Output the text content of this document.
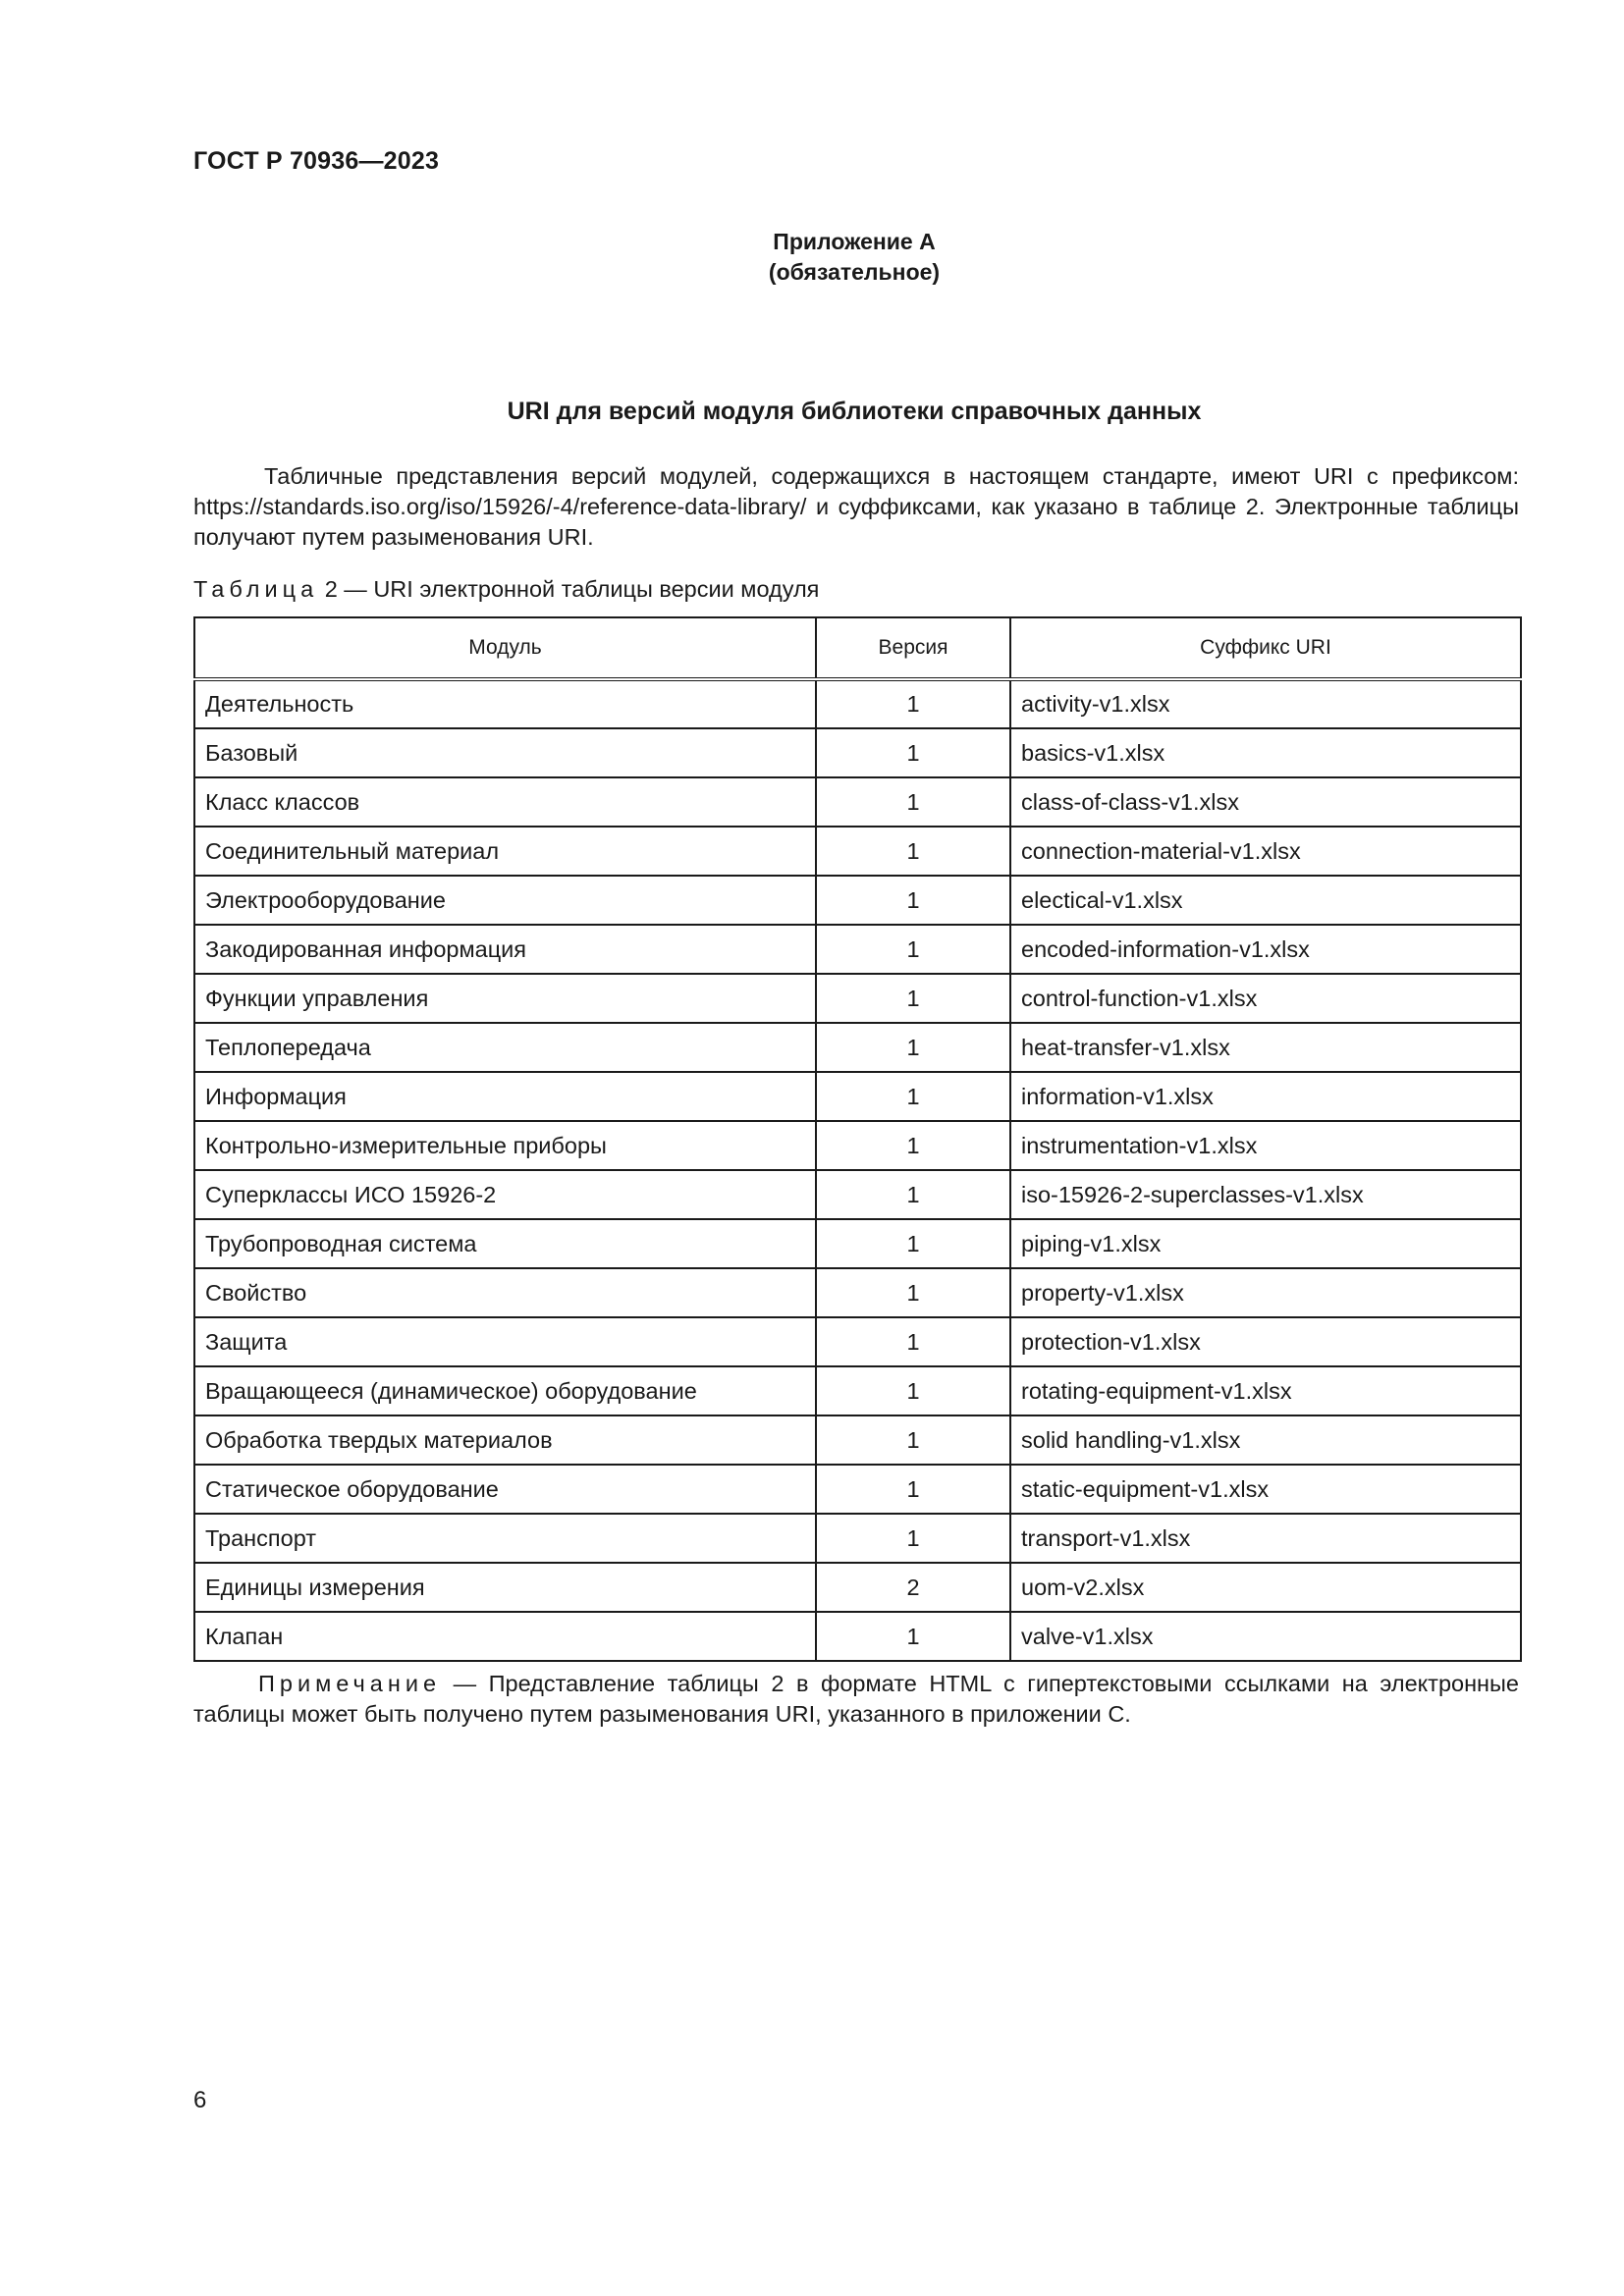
ГОСТ Р 70936—2023
Приложение А
(обязательное)
URI для версий модуля библиотеки справочных данных

Табличные представления версий модулей, содержащихся в настоящем стандарте, имеют URI с префиксом: https://standards.iso.org/iso/15926/-4/reference-data-library/ и суффиксами, как указано в таблице 2. Электронные таблицы получают путем разыменования URI.

Таблица 2 — URI электронной таблицы версии модуля
Модуль	Версия	Суффикс URI
Деятельность	1	activity-v1.xlsx
Базовый	1	basics-v1.xlsx
Класс классов	1	class-of-class-v1.xlsx
Соединительный материал	1	connection-material-v1.xlsx
Электрооборудование	1	electical-v1.xlsx
Закодированная информация	1	encoded-information-v1.xlsx
Функции управления	1	control-function-v1.xlsx
Теплопередача	1	heat-transfer-v1.xlsx
Информация	1	information-v1.xlsx
Контрольно-измерительные приборы	1	instrumentation-v1.xlsx
Суперклассы ИСО 15926-2	1	iso-15926-2-superclasses-v1.xlsx
Трубопроводная система	1	piping-v1.xlsx
Свойство	1	property-v1.xlsx
Защита	1	protection-v1.xlsx
Вращающееся (динамическое) оборудование	1	rotating-equipment-v1.xlsx
Обработка твердых материалов	1	solid handling-v1.xlsx
Статическое оборудование	1	static-equipment-v1.xlsx
Транспорт	1	transport-v1.xlsx
Единицы измерения	2	uom-v2.xlsx
Клапан	1	valve-v1.xlsx

Примечание — Представление таблицы 2 в формате HTML с гипертекстовыми ссылками на электронные таблицы может быть получено путем разыменования URI, указанного в приложении С.

6
